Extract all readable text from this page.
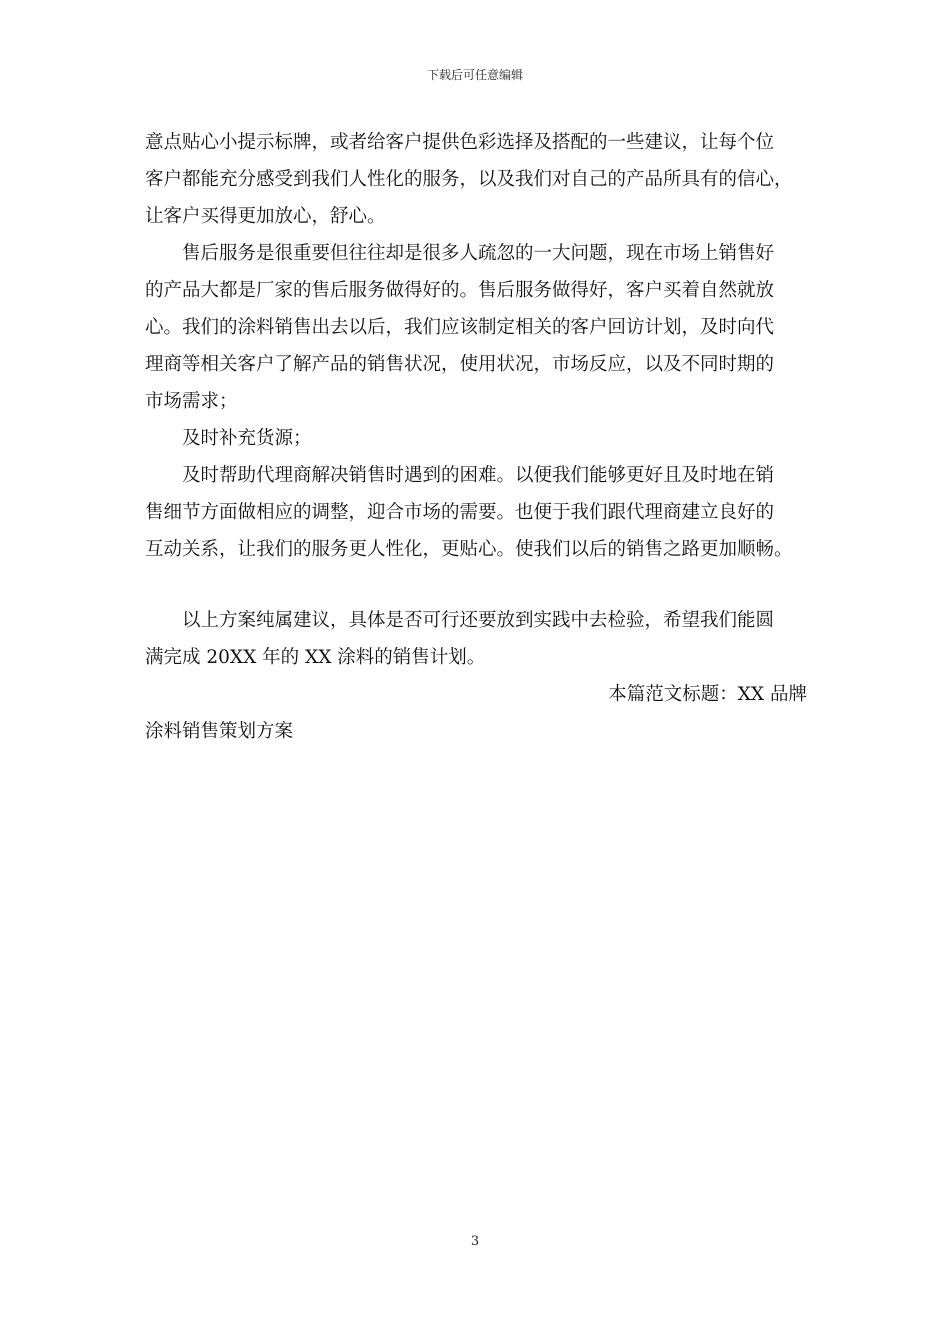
下载后可任意编辑
意点贴心小提示标牌，或者给客户提供色彩选择及搭配的一些建议，让每个位
客户都能充分感受到我们人性化的服务，以及我们对自己的产品所具有的信心，
让客户买得更加放心，舒心。
售后服务是很重要但往往却是很多人疏忽的一大问题，现在市场上销售好
的产品大都是厂家的售后服务做得好的。售后服务做得好，客户买着自然就放
心。我们的涂料销售出去以后，我们应该制定相关的客户回访计划，及时向代
理商等相关客户了解产品的销售状况，使用状况，市场反应，以及不同时期的
市场需求；
及时补充货源；
及时帮助代理商解决销售时遇到的困难。以便我们能够更好且及时地在销
售细节方面做相应的调整，迎合市场的需要。也便于我们跟代理商建立良好的
互动关系，让我们的服务更人性化，更贴心。使我们以后的销售之路更加顺畅。
以上方案纯属建议，具体是否可行还要放到实践中去检验，希望我们能圆
满完成 20XX 年的 XX 涂料的销售计划。
本篇范文标题：XX 品牌
涂料销售策划方案
3
